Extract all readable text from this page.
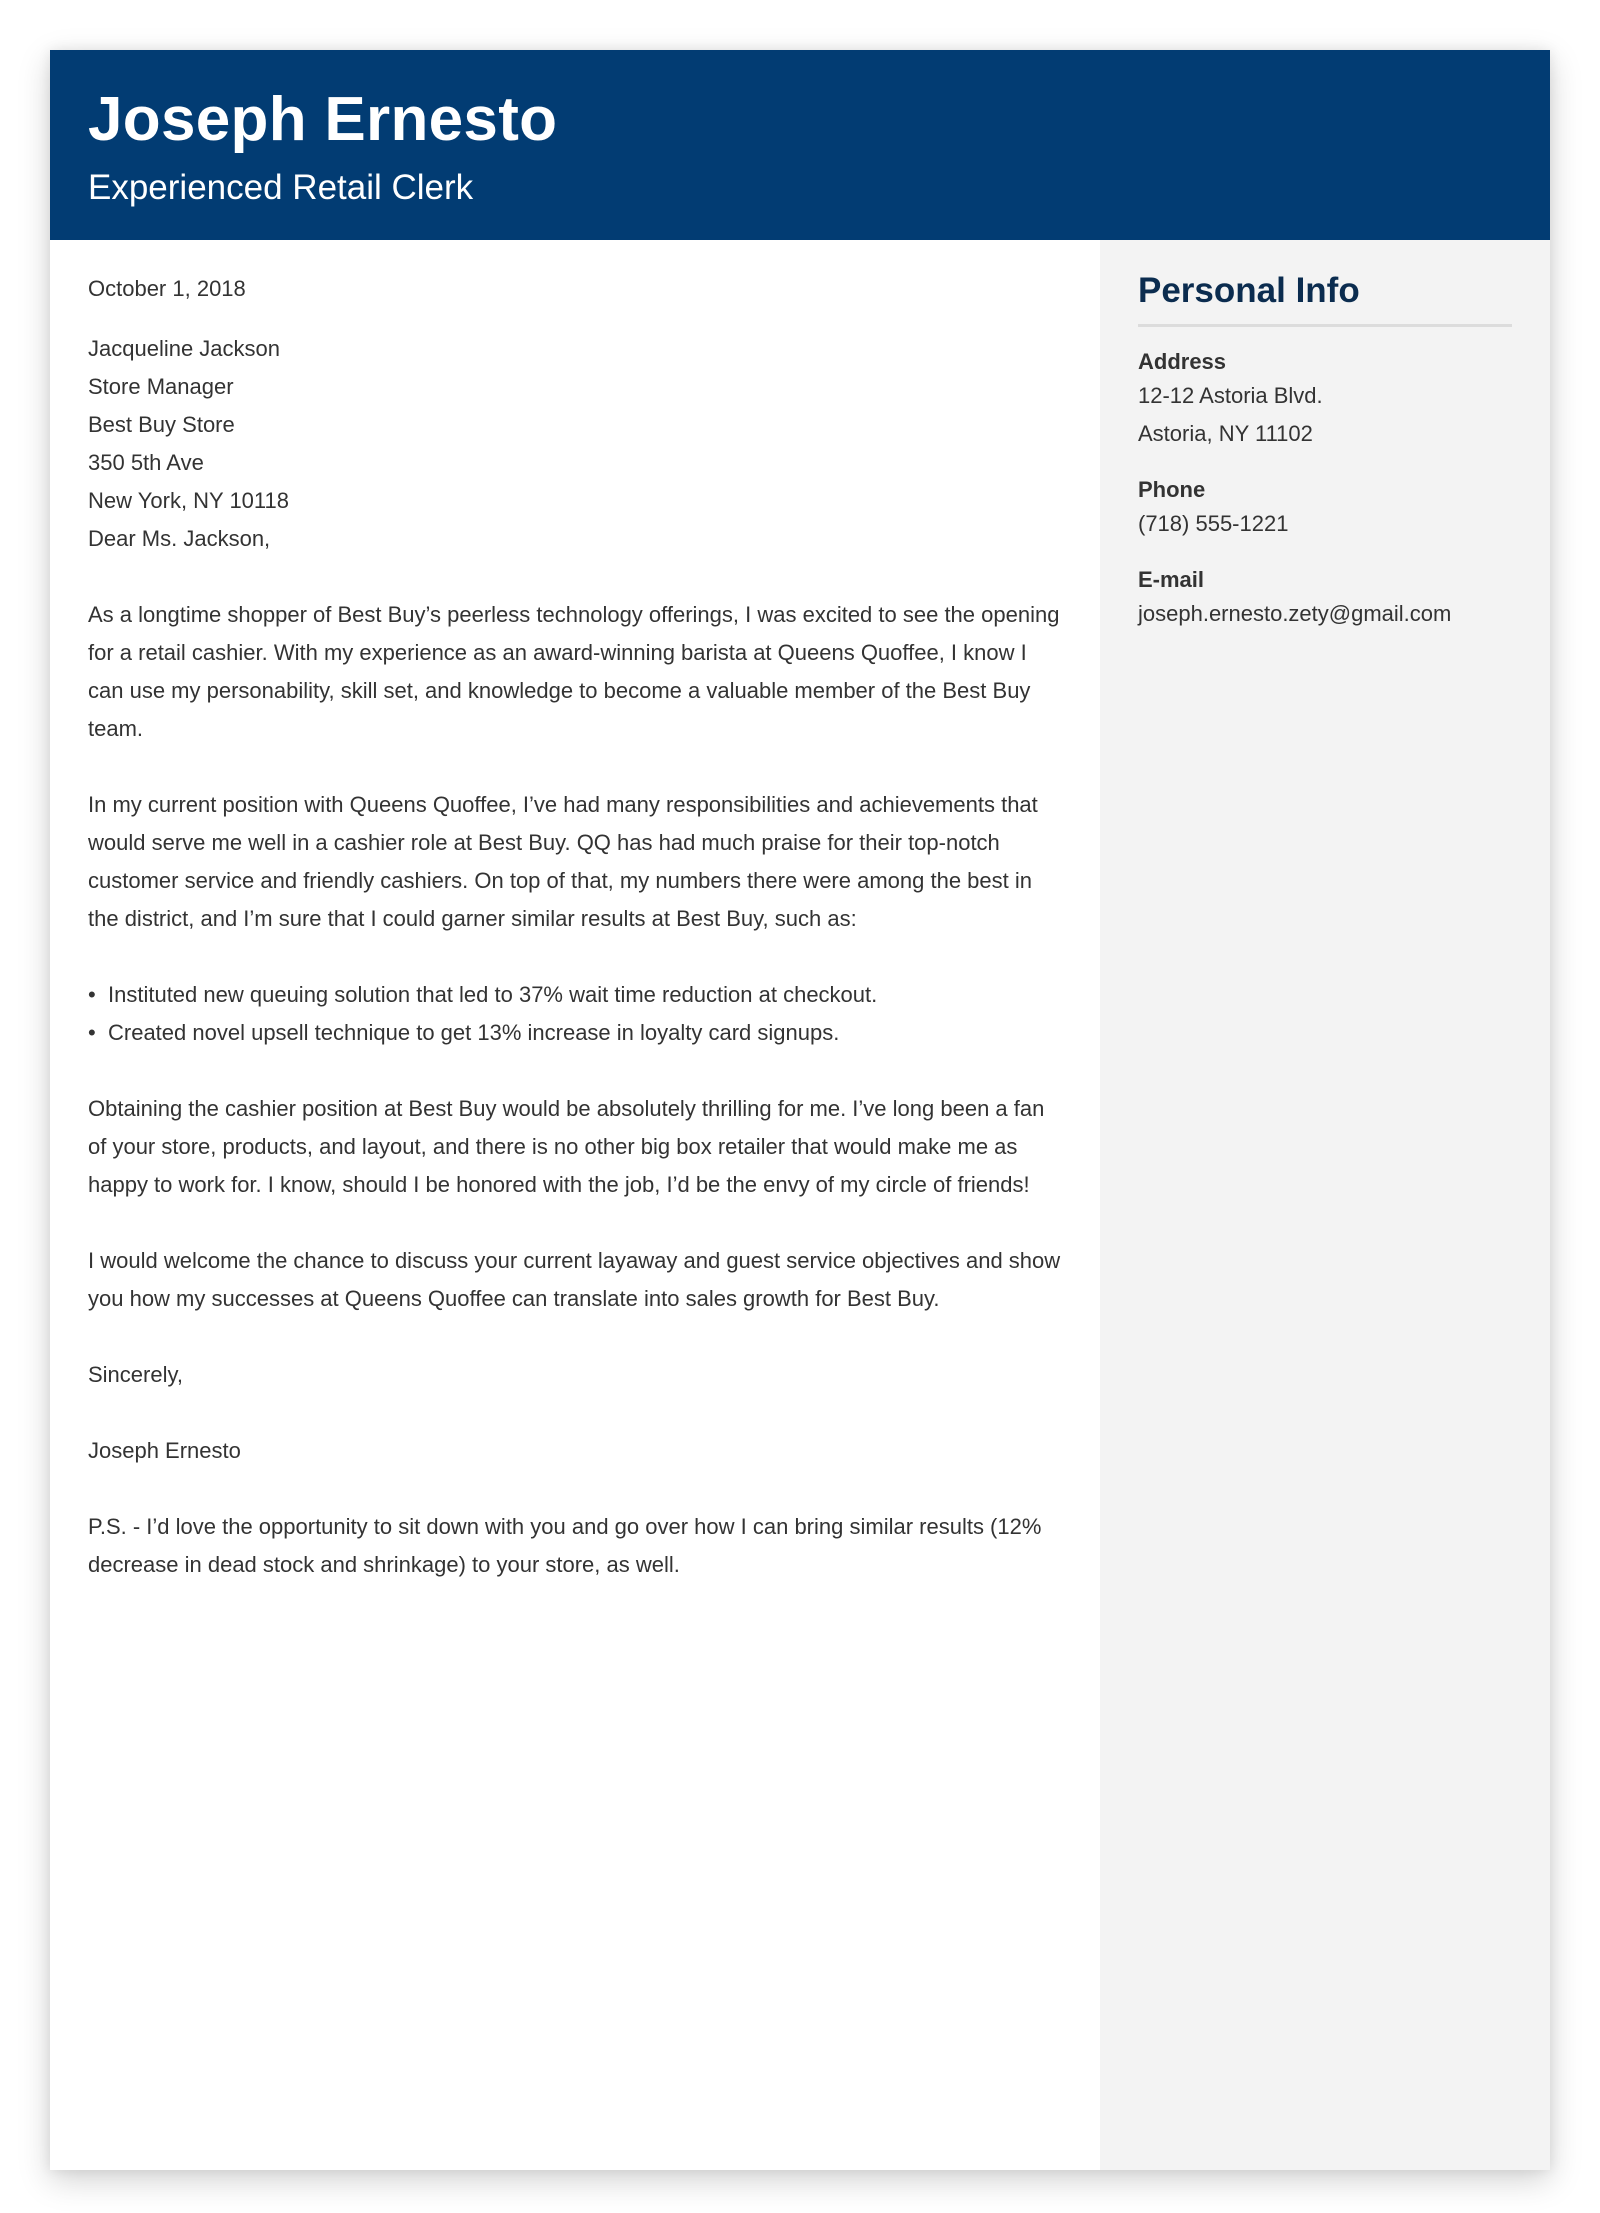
Joseph Ernesto
Experienced Retail Clerk

October 1, 2018

Jacqueline Jackson

Store Manager

Best Buy Store

350 5th Ave

New York, NY 10118

Dear Ms. Jackson,

As a longtime shopper of Best Buy’s peerless technology offerings, I was excited to see the opening for a retail cashier. With my experience as an award-winning barista at Queens Quoffee, I know I can use my personability, skill set, and knowledge to become a valuable member of the Best Buy team.

In my current position with Queens Quoffee, I’ve had many responsibilities and achievements that would serve me well in a cashier role at Best Buy. QQ has had much praise for their top-notch customer service and friendly cashiers. On top of that, my numbers there were among the best in the district, and I’m sure that I could garner similar results at Best Buy, such as:

• Instituted new queuing solution that led to 37% wait time reduction at checkout.
• Created novel upsell technique to get 13% increase in loyalty card signups.

Obtaining the cashier position at Best Buy would be absolutely thrilling for me. I’ve long been a fan of your store, products, and layout, and there is no other big box retailer that would make me as happy to work for. I know, should I be honored with the job, I’d be the envy of my circle of friends!

I would welcome the chance to discuss your current layaway and guest service objectives and show you how my successes at Queens Quoffee can translate into sales growth for Best Buy.

Sincerely,

Joseph Ernesto

P.S. - I’d love the opportunity to sit down with you and go over how I can bring similar results (12% decrease in dead stock and shrinkage) to your store, as well.

Personal Info
Address
12-12 Astoria Blvd.
Astoria, NY 11102
Phone
(718) 555-1221
E-mail
joseph.ernesto.zety@gmail.com
